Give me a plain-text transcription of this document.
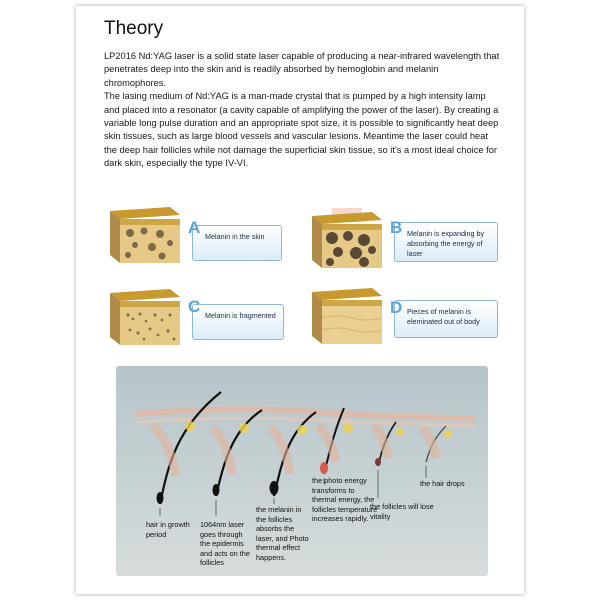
Theory

LP2016 Nd:YAG laser is a solid state laser capable of producing a near-infrared wavelength that penetrates deep into the skin and is readily absorbed by hemoglobin and melanin chromophores.

The lasing medium of Nd:YAG is a man-made crystal that is pumped by a high intensity lamp and placed into a resonator (a cavity capable of amplifying the power of the laser). By creating a variable long pulse duration and an appropriate spot size, it is possible to significantly heat deep skin tissues, such as large blood vessels and vascular lesions. Meantime the laser could heat the deep hair follicles while not damage the superficial skin tissue, so it's a most ideal choice for dark skin, especially the type IV-VI.

Melanin in the skin
A	Melanin is expanding by absorbing the energy of laser
B
Melanin is fragmented
C	Pieces of melanin is eleminated out of body
D
hair in growth period
1064nm laser goes through the epidermis and acts on the follicles
the melanin in the follicles absorbs the laser, and Photo thermal effect happens.
the photo energy transforms to thermal energy, the follicles temperature increases rapidly.
the follicles will lose vitality
the hair drops
